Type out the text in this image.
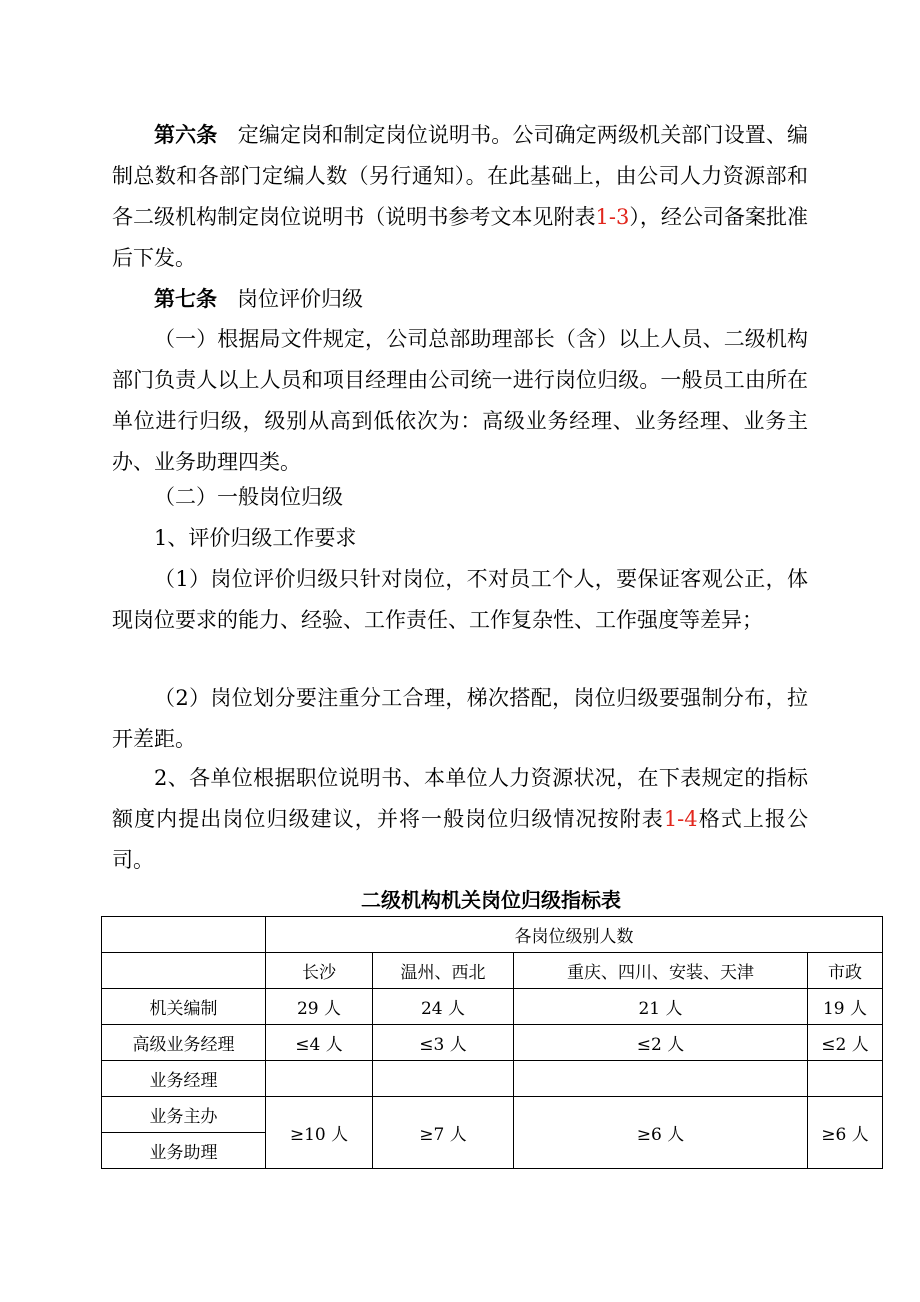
第六条 定编定岗和制定岗位说明书。公司确定两级机关部门设置、编制总数和各部门定编人数（另行通知）。在此基础上，由公司人力资源部和各二级机构制定岗位说明书（说明书参考文本见附表1-3），经公司备案批准后下发。

第七条 岗位评价归级

（一）根据局文件规定，公司总部助理部长（含）以上人员、二级机构部门负责人以上人员和项目经理由公司统一进行岗位归级。一般员工由所在单位进行归级，级别从高到低依次为：高级业务经理、业务经理、业务主办、业务助理四类。

（二）一般岗位归级

1、评价归级工作要求

（1）岗位评价归级只针对岗位，不对员工个人，要保证客观公正，体现岗位要求的能力、经验、工作责任、工作复杂性、工作强度等差异；

（2）岗位划分要注重分工合理，梯次搭配，岗位归级要强制分布，拉开差距。

2、各单位根据职位说明书、本单位人力资源状况，在下表规定的指标额度内提出岗位归级建议，并将一般岗位归级情况按附表1-4格式上报公司。

二级机构机关岗位归级指标表

	各岗位级别人数			
	长沙	温州、西北	重庆、四川、安装、天津	市政
机关编制	29 人	24 人	21 人	19 人
高级业务经理	≤4 人	≤3 人	≤2 人	≤2 人
业务经理				
业务主办	≥10 人	≥7 人	≥6 人	≥6 人
业务助理				
